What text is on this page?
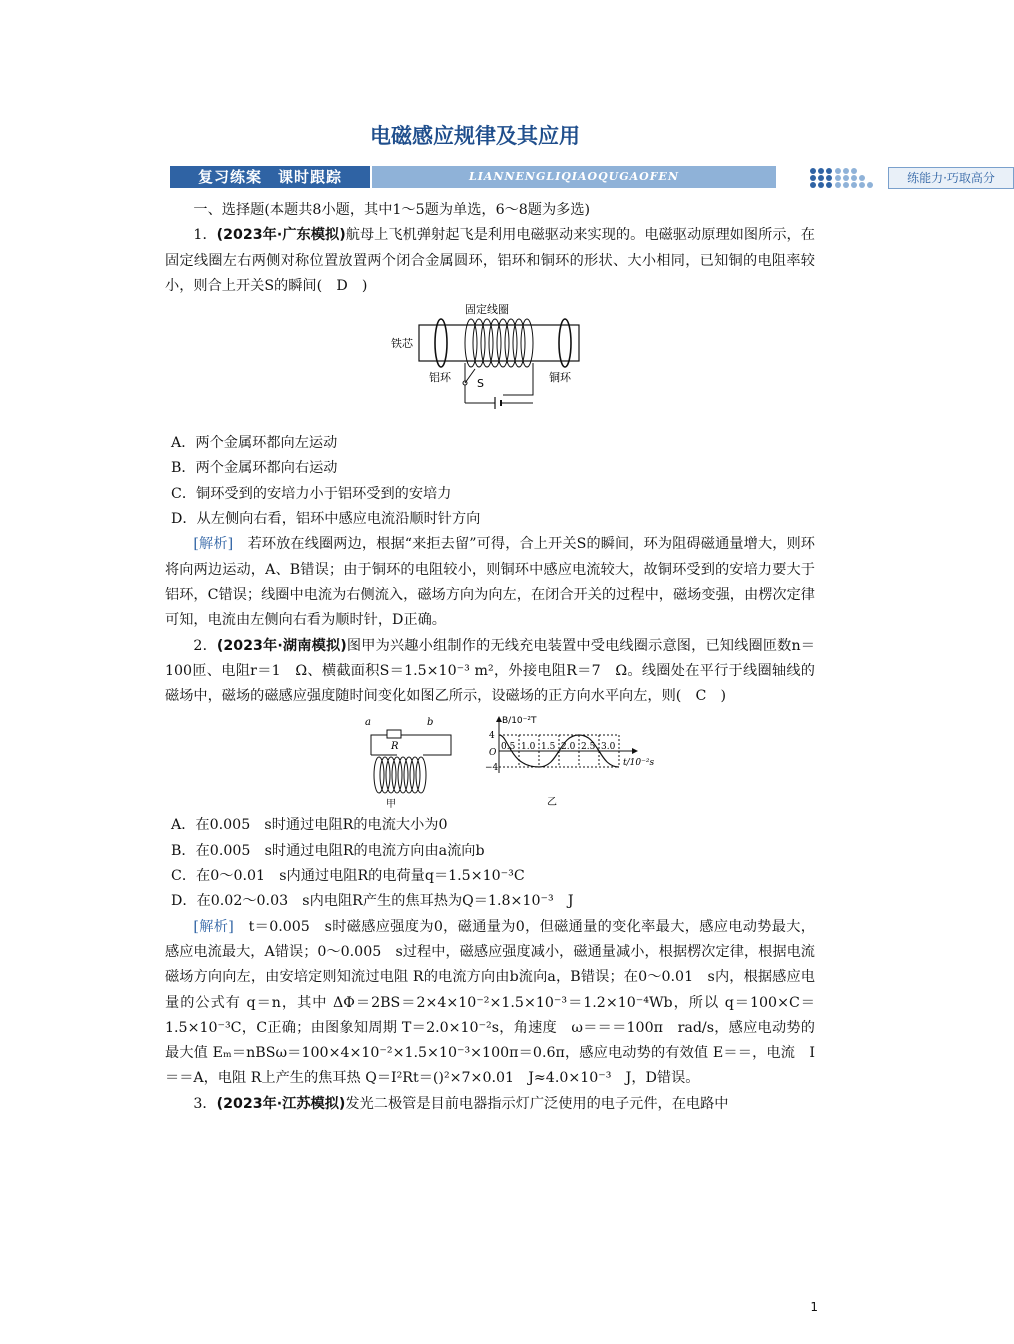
电磁感应规律及其应用
复习练案　课时跟踪	LIANNENGLIQIAOQUGAOFEN	练能力·巧取高分

一、选择题(本题共8小题，其中1～5题为单选，6～8题为多选)

1．(2023年·广东模拟)航母上飞机弹射起飞是利用电磁驱动来实现的。电磁驱动原理如图所示，在固定线圈左右两侧对称位置放置两个闭合金属圆环，铝环和铜环的形状、大小相同，已知铜的电阻率较小，则合上开关S的瞬间(　D　)

固定线圈
铁芯
铝环	铜环
S

A．两个金属环都向左运动

B．两个金属环都向右运动

C．铜环受到的安培力小于铝环受到的安培力

D．从左侧向右看，铝环中感应电流沿顺时针方向

[解析]　 若环放在线圈两边，根据“来拒去留”可得，合上开关S的瞬间，环为阻碍磁通量增大，则环将向两边运动，A、B错误；由于铜环的电阻较小，则铜环中感应电流较大，故铜环受到的安培力要大于铝环，C错误；线圈中电流为右侧流入，磁场方向为向左，在闭合开关的过程中，磁场变强，由楞次定律可知，电流由左侧向右看为顺时针，D正确。

2．(2023年·湖南模拟)图甲为兴趣小组制作的无线充电装置中受电线圈示意图，已知线圈匝数n＝100匝、电阻r＝1　Ω、横截面积S＝1.5×10⁻³ m²，外接电阻R＝7　Ω。线圈处在平行于线圈轴线的磁场中，磁场的磁感应强度随时间变化如图乙所示，设磁场的正方向水平向左，则(　C　)

a	b
R
甲
B/10⁻²T
t/10⁻²s
O
4
−4
0.5 1.0 1.5 2.0 2.5 3.0
乙

A．在0.005　s时通过电阻R的电流大小为0

B．在0.005　s时通过电阻R的电流方向由a流向b

C．在0～0.01　s内通过电阻R的电荷量q＝1.5×10⁻³C

D．在0.02～0.03　s内电阻R产生的焦耳热为Q＝1.8×10⁻³　J

[解析]　 t＝0.005　s时磁感应强度为0，磁通量为0，但磁通量的变化率最大，感应电动势最大，感应电流最大，A错误；0～0.005　s过程中，磁感应强度减小，磁通量减小，根据楞次定律，根据电流磁场方向向左，由安培定则知流过电阻 R的电流方向由b流向a，B错误；在0～0.01　s内，根据感应电量的公式有 q＝n，其中 ΔΦ＝2BS＝2×4×10⁻²×1.5×10⁻³＝1.2×10⁻⁴Wb，所以 q＝100×C＝1.5×10⁻³C，C正确；由图象知周期 T＝2.0×10⁻²s，角速度　ω＝＝＝100π　rad/s，感应电动势的最大值 Eₘ＝nBSω＝100×4×10⁻²×1.5×10⁻³×100π＝0.6π，感应电动势的有效值 E＝＝，电流　I＝＝A，电阻 R上产生的焦耳热 Q＝I²Rt＝()²×7×0.01　J≈4.0×10⁻³　J，D错误。

3．(2023年·江苏模拟)发光二极管是目前电器指示灯广泛使用的电子元件，在电路中

1
